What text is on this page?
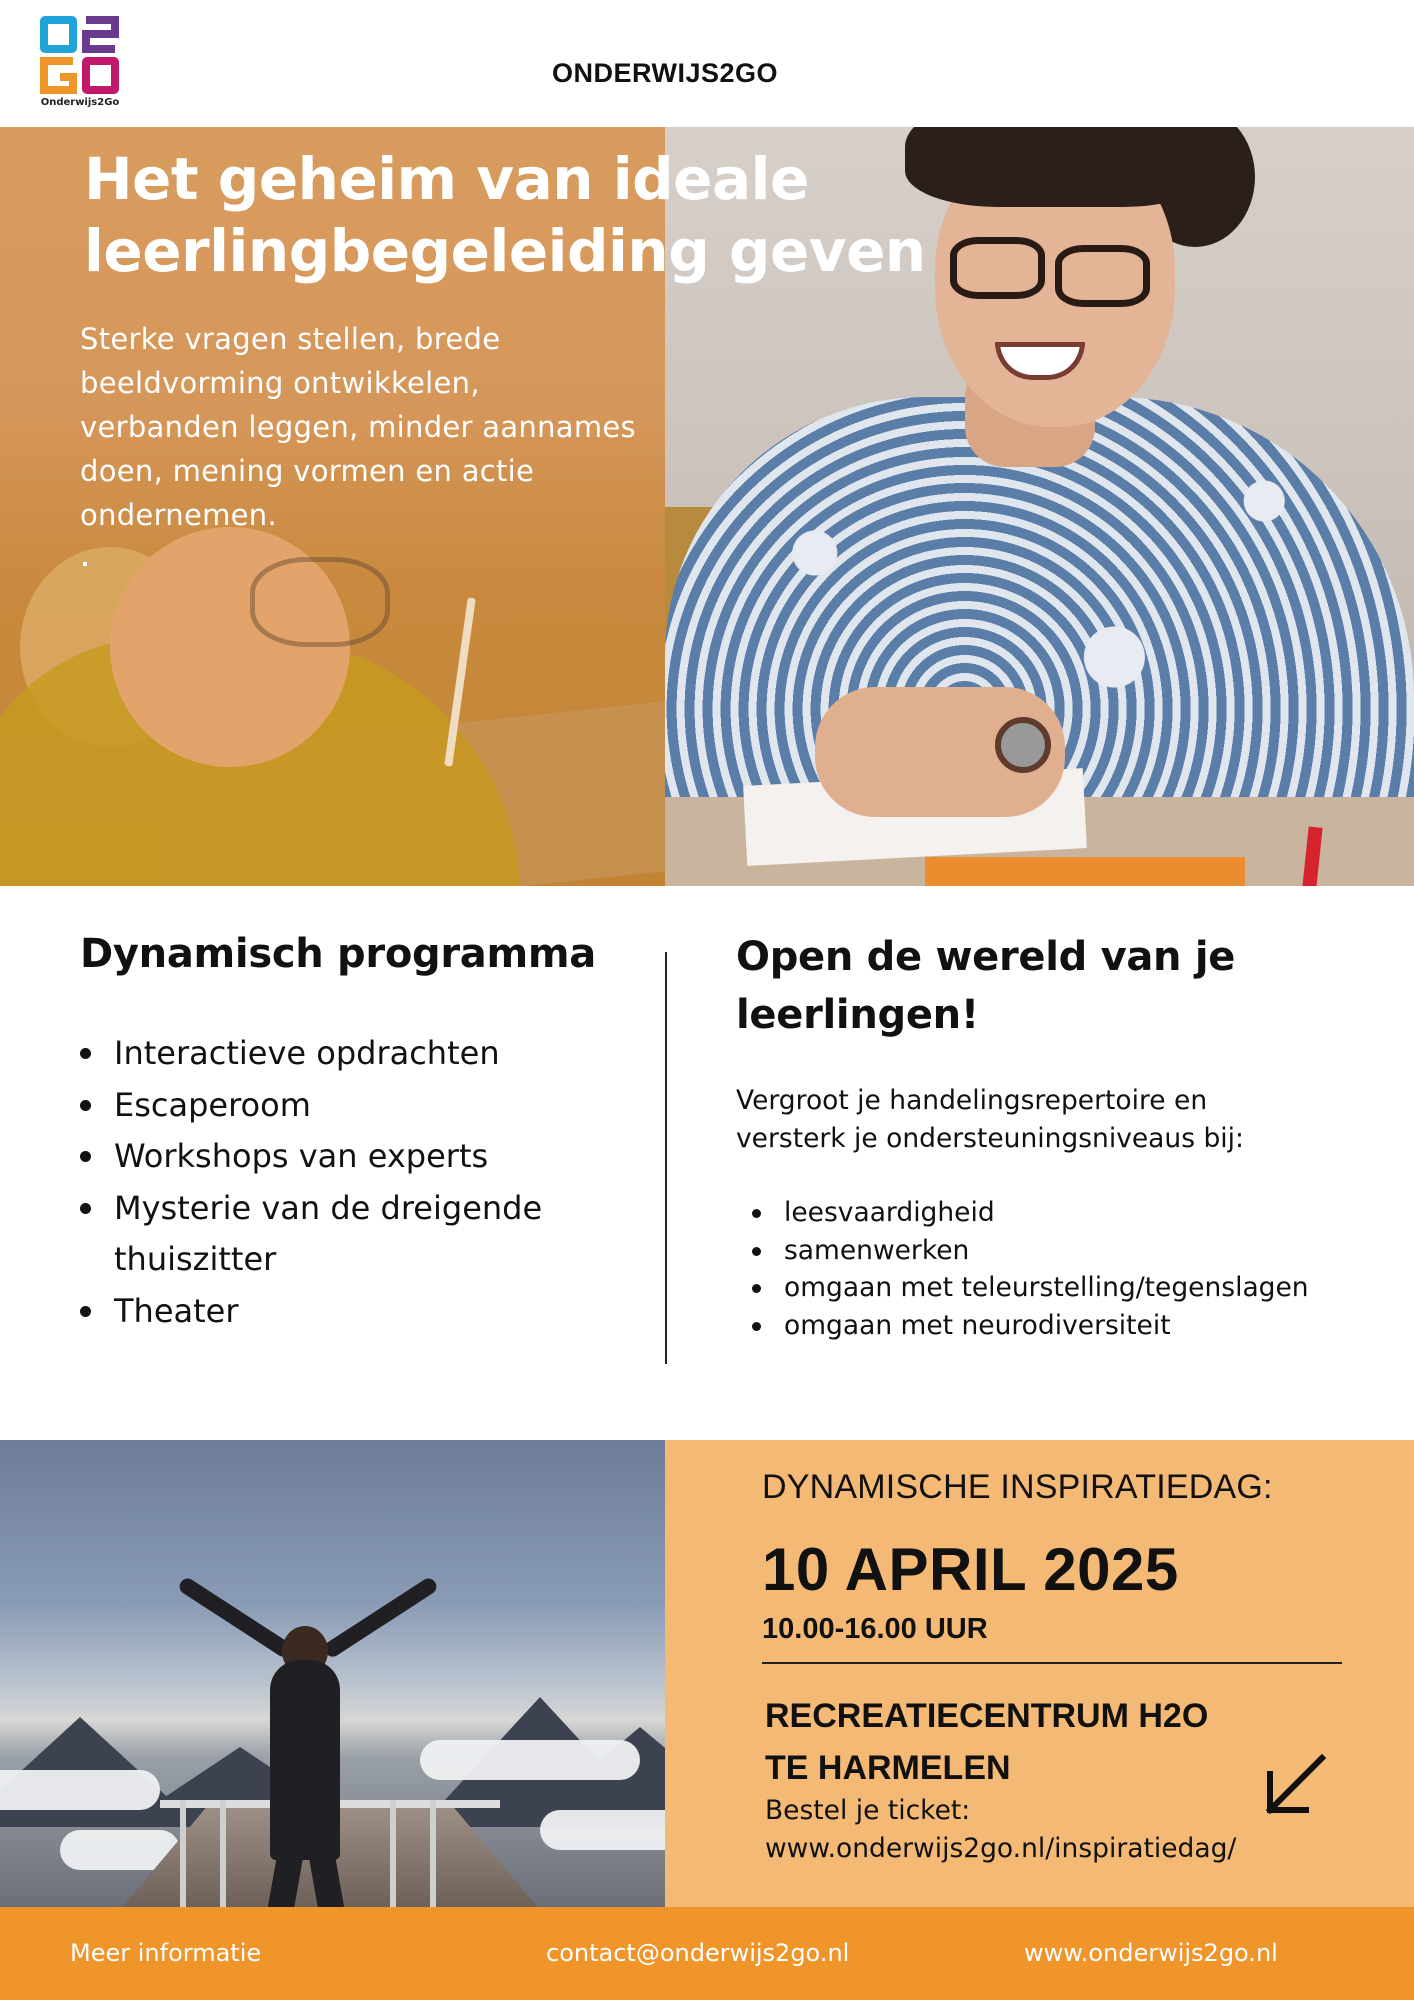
Onderwijs2Go
ONDERWIJS2GO
Het geheim van ideale
leerlingbegeleiding geven

Sterke vragen stellen, brede beeldvorming ontwikkelen, verbanden leggen, minder aannames doen, mening vormen en actie ondernemen.

Dynamisch programma
Interactieve opdrachten
Escaperoom
Workshops van experts
Mysterie van de dreigende thuiszitter
Theater
Open de wereld van je leerlingen!

Vergroot je handelingsrepertoire en versterk je ondersteuningsniveaus bij:

leesvaardigheid
samenwerken
omgaan met teleurstelling/tegenslagen
omgaan met neurodiversiteit
DYNAMISCHE INSPIRATIEDAG:
10 APRIL 2025
10.00-16.00 UUR
RECREATIECENTRUM H2O
TE HARMELEN
Bestel je ticket:
www.onderwijs2go.nl/inspiratiedag/
Meer informatie	contact@onderwijs2go.nl	www.onderwijs2go.nl
